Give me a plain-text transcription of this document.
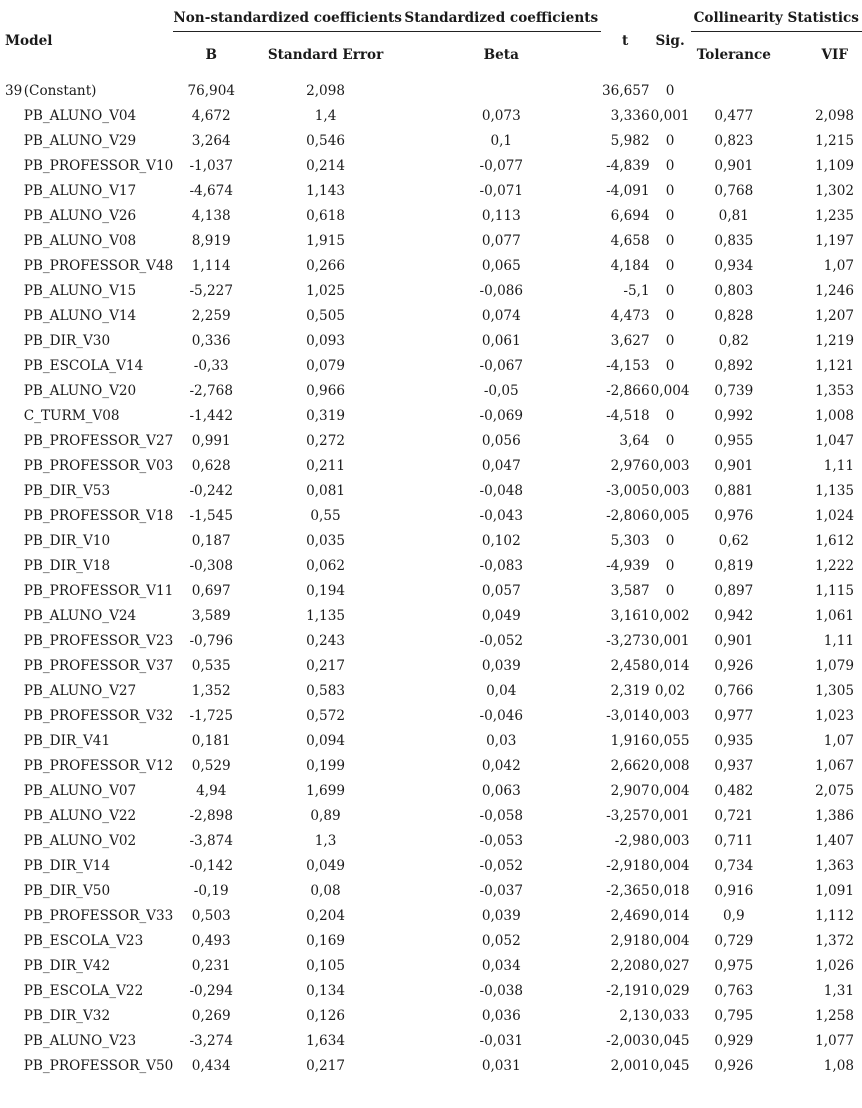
Model		Non-standardized coefficients		Standardized coefficients	t	Sig.	Collinearity Statistics	
		B	Standard Error	Beta			Tolerance	VIF
39	(Constant)	76,904	2,098		36,657	0		
	PB_ALUNO_V04	4,672	1,4	0,073	3,336	0,001	0,477	2,098
	PB_ALUNO_V29	3,264	0,546	0,1	5,982	0	0,823	1,215
	PB_PROFESSOR_V10	-1,037	0,214	-0,077	-4,839	0	0,901	1,109
	PB_ALUNO_V17	-4,674	1,143	-0,071	-4,091	0	0,768	1,302
	PB_ALUNO_V26	4,138	0,618	0,113	6,694	0	0,81	1,235
	PB_ALUNO_V08	8,919	1,915	0,077	4,658	0	0,835	1,197
	PB_PROFESSOR_V48	1,114	0,266	0,065	4,184	0	0,934	1,07
	PB_ALUNO_V15	-5,227	1,025	-0,086	-5,1	0	0,803	1,246
	PB_ALUNO_V14	2,259	0,505	0,074	4,473	0	0,828	1,207
	PB_DIR_V30	0,336	0,093	0,061	3,627	0	0,82	1,219
	PB_ESCOLA_V14	-0,33	0,079	-0,067	-4,153	0	0,892	1,121
	PB_ALUNO_V20	-2,768	0,966	-0,05	-2,866	0,004	0,739	1,353
	C_TURM_V08	-1,442	0,319	-0,069	-4,518	0	0,992	1,008
	PB_PROFESSOR_V27	0,991	0,272	0,056	3,64	0	0,955	1,047
	PB_PROFESSOR_V03	0,628	0,211	0,047	2,976	0,003	0,901	1,11
	PB_DIR_V53	-0,242	0,081	-0,048	-3,005	0,003	0,881	1,135
	PB_PROFESSOR_V18	-1,545	0,55	-0,043	-2,806	0,005	0,976	1,024
	PB_DIR_V10	0,187	0,035	0,102	5,303	0	0,62	1,612
	PB_DIR_V18	-0,308	0,062	-0,083	-4,939	0	0,819	1,222
	PB_PROFESSOR_V11	0,697	0,194	0,057	3,587	0	0,897	1,115
	PB_ALUNO_V24	3,589	1,135	0,049	3,161	0,002	0,942	1,061
	PB_PROFESSOR_V23	-0,796	0,243	-0,052	-3,273	0,001	0,901	1,11
	PB_PROFESSOR_V37	0,535	0,217	0,039	2,458	0,014	0,926	1,079
	PB_ALUNO_V27	1,352	0,583	0,04	2,319	0,02	0,766	1,305
	PB_PROFESSOR_V32	-1,725	0,572	-0,046	-3,014	0,003	0,977	1,023
	PB_DIR_V41	0,181	0,094	0,03	1,916	0,055	0,935	1,07
	PB_PROFESSOR_V12	0,529	0,199	0,042	2,662	0,008	0,937	1,067
	PB_ALUNO_V07	4,94	1,699	0,063	2,907	0,004	0,482	2,075
	PB_ALUNO_V22	-2,898	0,89	-0,058	-3,257	0,001	0,721	1,386
	PB_ALUNO_V02	-3,874	1,3	-0,053	-2,98	0,003	0,711	1,407
	PB_DIR_V14	-0,142	0,049	-0,052	-2,918	0,004	0,734	1,363
	PB_DIR_V50	-0,19	0,08	-0,037	-2,365	0,018	0,916	1,091
	PB_PROFESSOR_V33	0,503	0,204	0,039	2,469	0,014	0,9	1,112
	PB_ESCOLA_V23	0,493	0,169	0,052	2,918	0,004	0,729	1,372
	PB_DIR_V42	0,231	0,105	0,034	2,208	0,027	0,975	1,026
	PB_ESCOLA_V22	-0,294	0,134	-0,038	-2,191	0,029	0,763	1,31
	PB_DIR_V32	0,269	0,126	0,036	2,13	0,033	0,795	1,258
	PB_ALUNO_V23	-3,274	1,634	-0,031	-2,003	0,045	0,929	1,077
	PB_PROFESSOR_V50	0,434	0,217	0,031	2,001	0,045	0,926	1,08
